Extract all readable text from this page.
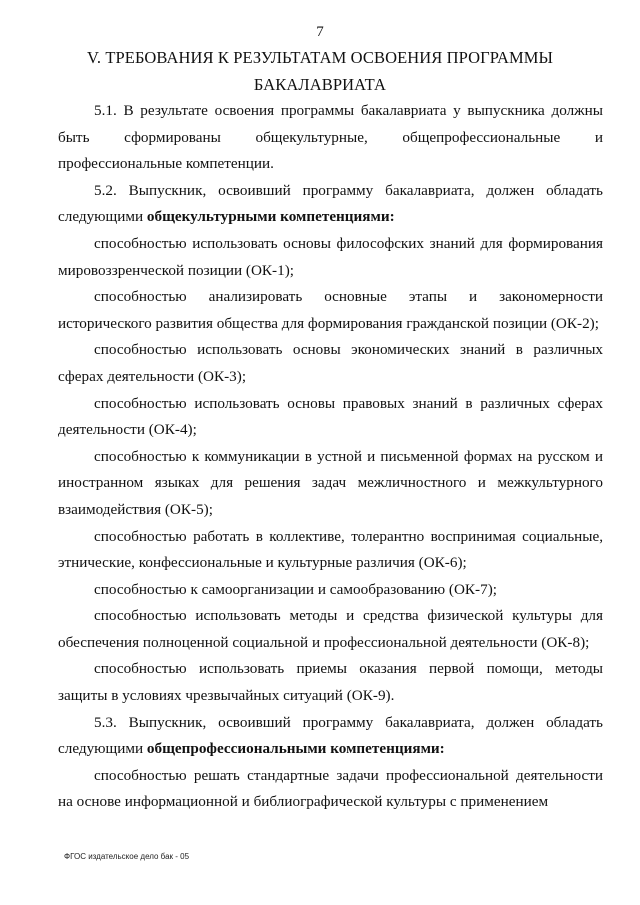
7
V. ТРЕБОВАНИЯ К РЕЗУЛЬТАТАМ ОСВОЕНИЯ ПРОГРАММЫ
БАКАЛАВРИАТА

5.1. В результате освоения программы бакалавриата у выпускника должны быть сформированы общекультурные, общепрофессиональные и профессиональные компетенции.

5.2. Выпускник, освоивший программу бакалавриата, должен обладать следующими общекультурными компетенциями:

способностью использовать основы философских знаний для формирования мировоззренческой позиции (ОК-1);

способностью анализировать основные этапы и закономерности исторического развития общества для формирования гражданской позиции (ОК-2);

способностью использовать основы экономических знаний в различных сферах деятельности (ОК-3);

способностью использовать основы правовых знаний в различных сферах деятельности (ОК-4);

способностью к коммуникации в устной и письменной формах на русском и иностранном языках для решения задач межличностного и межкультурного взаимодействия (ОК-5);

способностью работать в коллективе, толерантно воспринимая социальные, этнические, конфессиональные и культурные различия (ОК-6);

способностью к самоорганизации и самообразованию (ОК-7);

способностью использовать методы и средства физической культуры для обеспечения полноценной социальной и профессиональной деятельности (ОК-8);

способностью использовать приемы оказания первой помощи, методы защиты в условиях чрезвычайных ситуаций (ОК-9).

5.3. Выпускник, освоивший программу бакалавриата, должен обладать следующими общепрофессиональными компетенциями:

способностью решать стандартные задачи профессиональной деятельности на основе информационной и библиографической культуры с применением

ФГОС издательское дело бак - 05
